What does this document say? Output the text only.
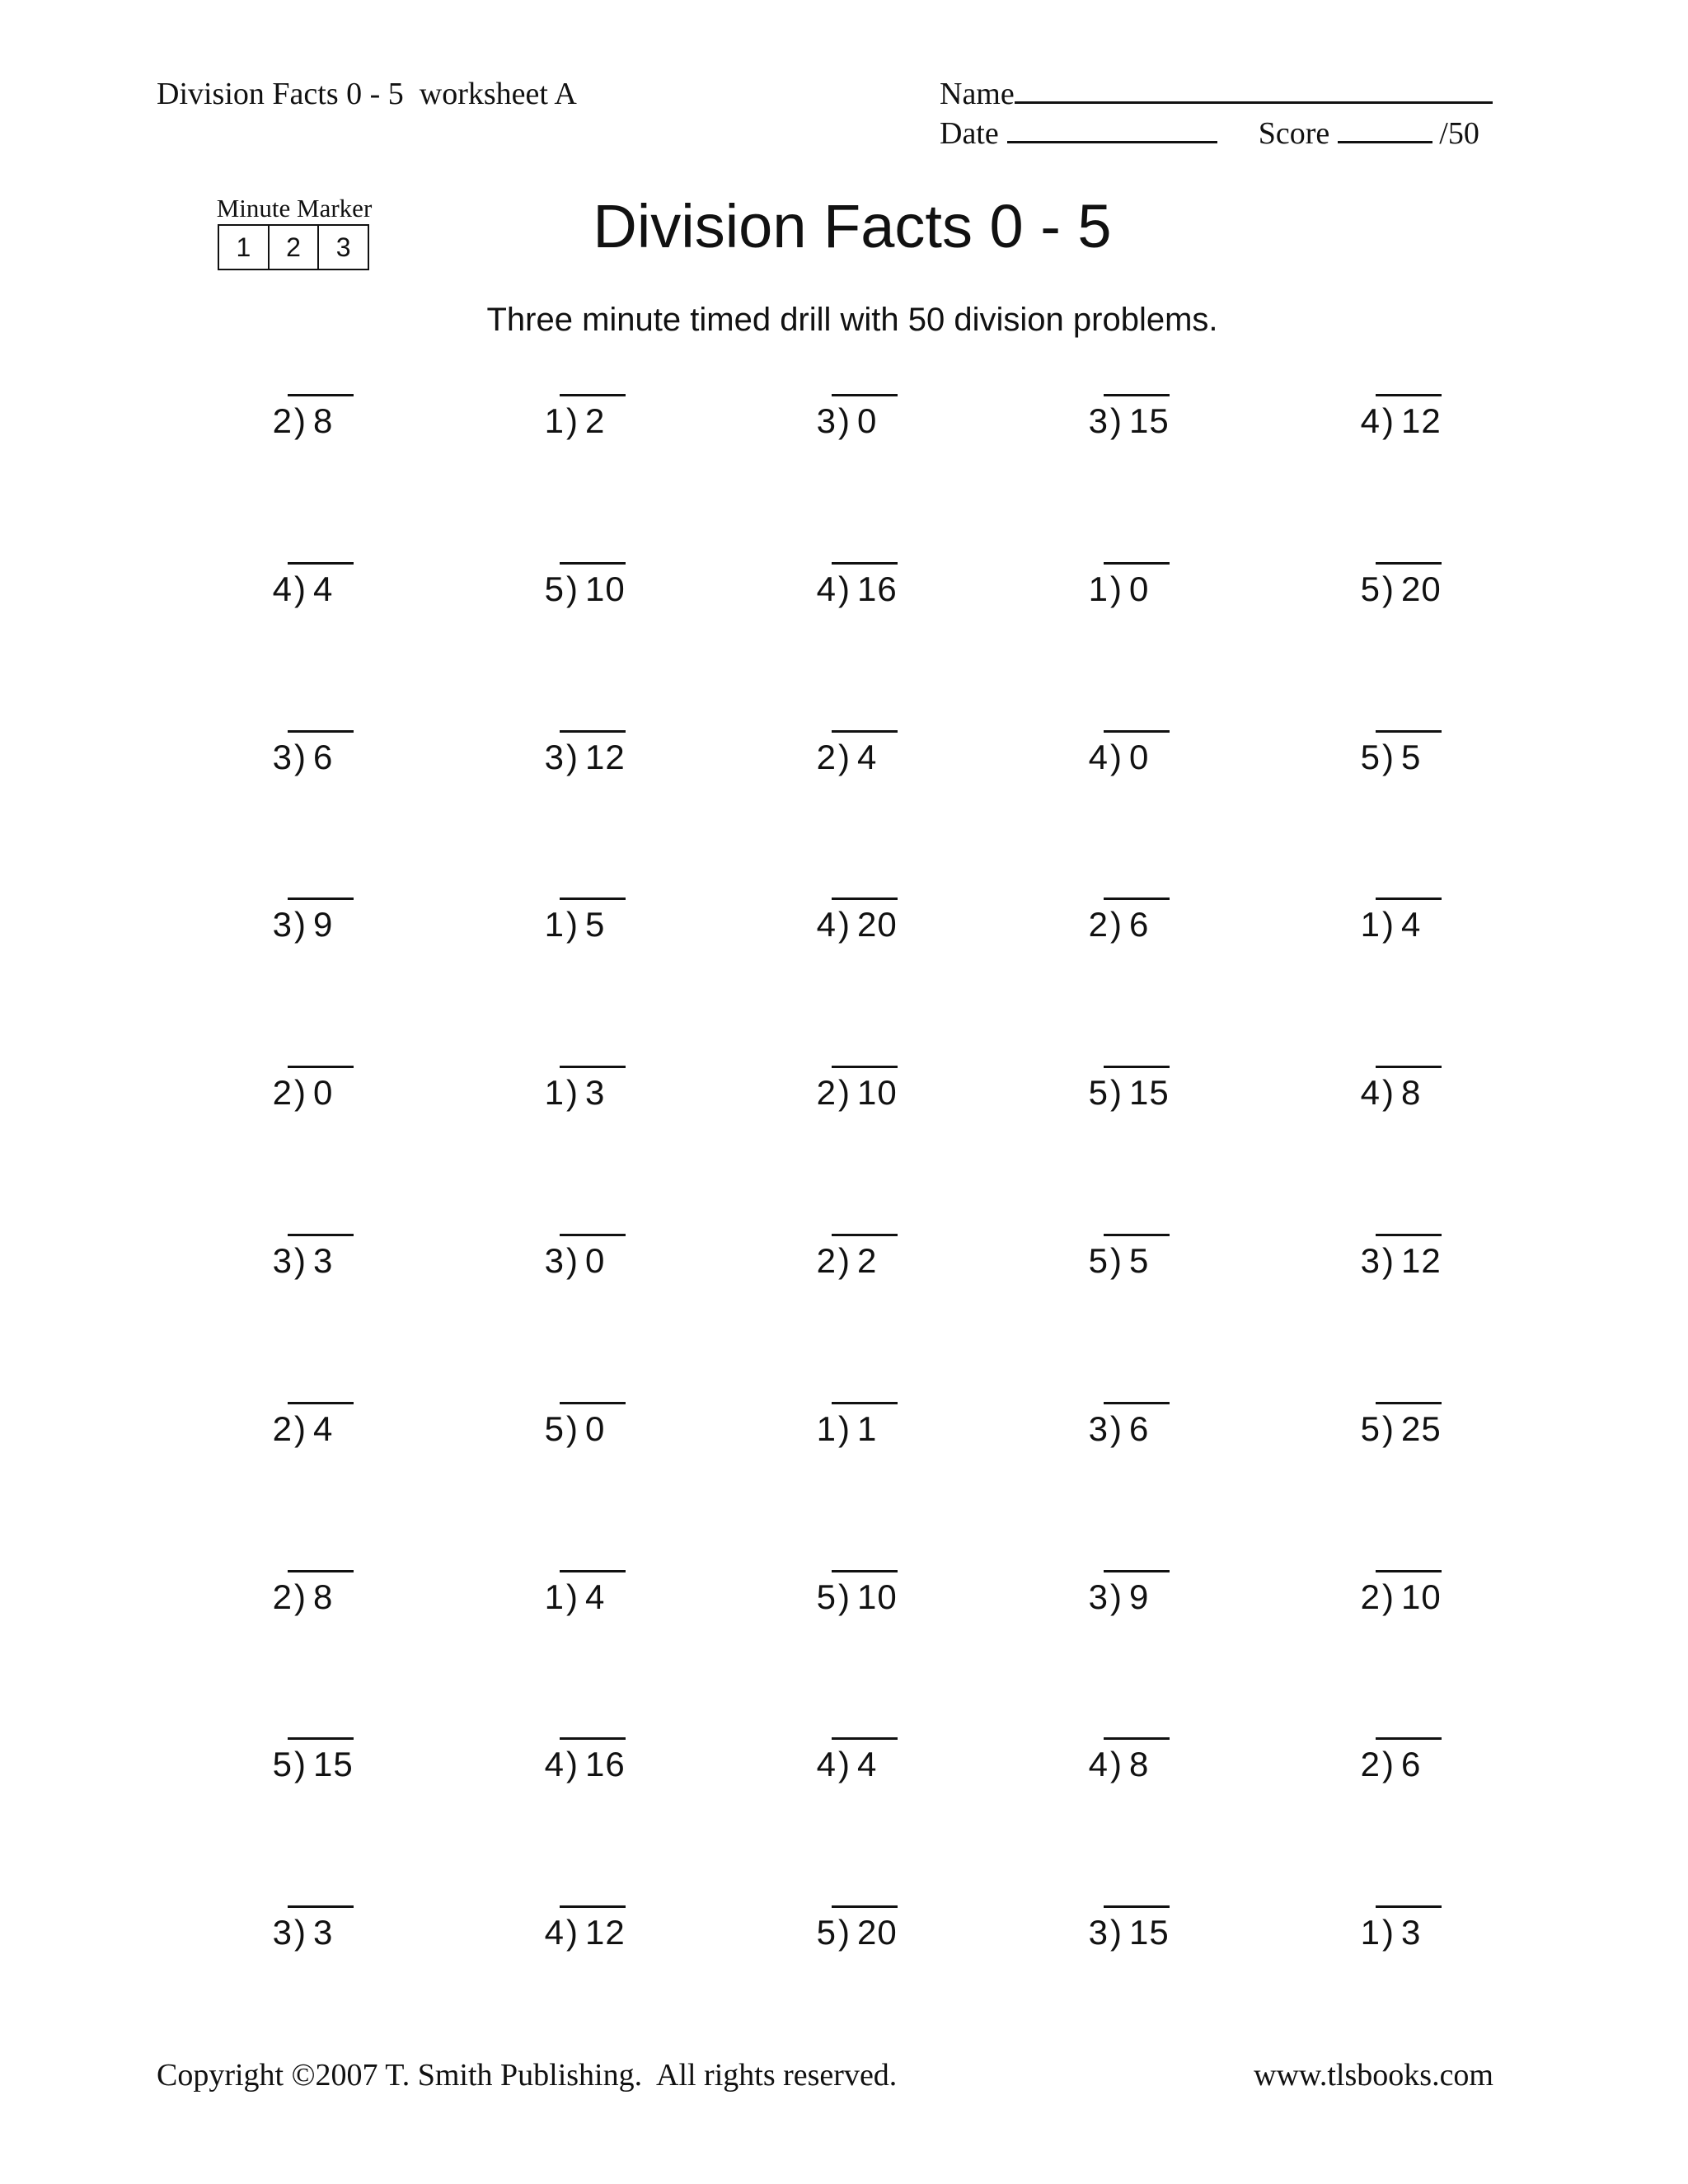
Division Facts 0 - 5  worksheet A	Name
Date	Score	/50
Minute Marker
1	2	3	Division Facts 0 - 5
Three minute timed drill with 50 division problems.
2 ) 8	1 ) 2	3 ) 0	3 ) 15	4 ) 12
4 ) 4	5 ) 10	4 ) 16	1 ) 0	5 ) 20
3 ) 6	3 ) 12	2 ) 4	4 ) 0	5 ) 5
3 ) 9	1 ) 5	4 ) 20	2 ) 6	1 ) 4
2 ) 0	1 ) 3	2 ) 10	5 ) 15	4 ) 8
3 ) 3	3 ) 0	2 ) 2	5 ) 5	3 ) 12
2 ) 4	5 ) 0	1 ) 1	3 ) 6	5 ) 25
2 ) 8	1 ) 4	5 ) 10	3 ) 9	2 ) 10
5 ) 15	4 ) 16	4 ) 4	4 ) 8	2 ) 6
3 ) 3	4 ) 12	5 ) 20	3 ) 15	1 ) 3
Copyright ©2007 T. Smith Publishing.  All rights reserved.	www.tlsbooks.com
